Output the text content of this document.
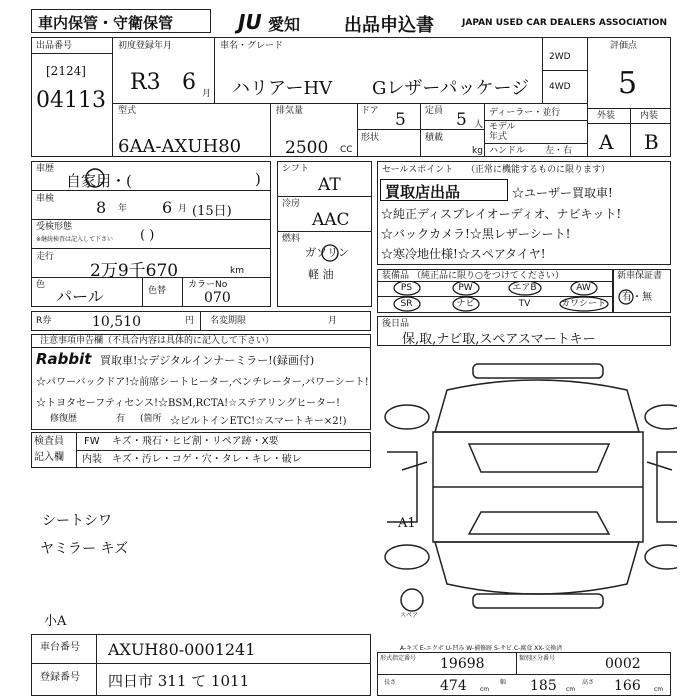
車内保管・守衛保管	JU 愛知 出品申込書	JAPAN USED CAR DEALERS ASSOCIATION
出品番号
[2124]
04113
初度登録年月
R3 6 月
車名・グレード
ハリアーHV Gレザーパッケージ
2WD
4WD
評価点
5
型式
6AA-AXUH80
排気量
2500 CC
ドア 5 定員 5 人
形状	積載
kg
ディーラー・並行
モデル
年式
ハンドル 左・右
外装	内装
A B
車歴
自家用・(	)
車検	8 年 6 月 (15日)
受検形態
※継続検査は記入して下さい ( )
走行
2万9千670	km
色
パール	色替
カラーNo
070
シフト
AT
冷房
AAC
燃料
ガソリン
軽 油
セールスポイント （正常に機能するものに限ります）
買取店出品	☆ユーザー買取車!
☆純正ディスプレイオーディオ、ナビキット!
☆バックカメラ!☆黒レザーシート!
☆寒冷地仕様!☆スペアタイヤ!
装備品 （純正品に限り○をつけてください）
PS	PW	エアB	AW
SR	ナビ	TV	カワシート
新車保証書
有・無
R券	10,510	円 名変期限	月
注意事項申告欄（不具合内容は具体的に記入して下さい）
Rabbit 買取車!☆デジタルインナーミラー!(録画付)
☆パワーバックドア!☆前席シートヒーター,ベンチレーター,パワーシート!
☆トヨタセーフティセンス!☆BSM,RCTA!☆ステアリングヒーター!
修復歴	有 (箇所 ☆ビルトインETC!☆スマートキー×2!)
検査員
記入欄
FW キズ・飛石・ヒビ割・リペア跡・X要
内装 キズ・汚レ・コゲ・穴・タレ・キレ・破レ
後日品
保,取,ナビ取,スペアスマートキー
シートシワ
ヤミラー キズ
小A
A1
スペア
A-キズ E-エクボ U-凹み W-補修跡 S-サビ C-腐食 XX-交換済
車台番号 AXUH80-0001241
登録番号 四日市 311 て 1011
形式指定番号 19698	類別区分番号	0002
長さ	474 cm
幅 185 cm
高さ 166 cm
